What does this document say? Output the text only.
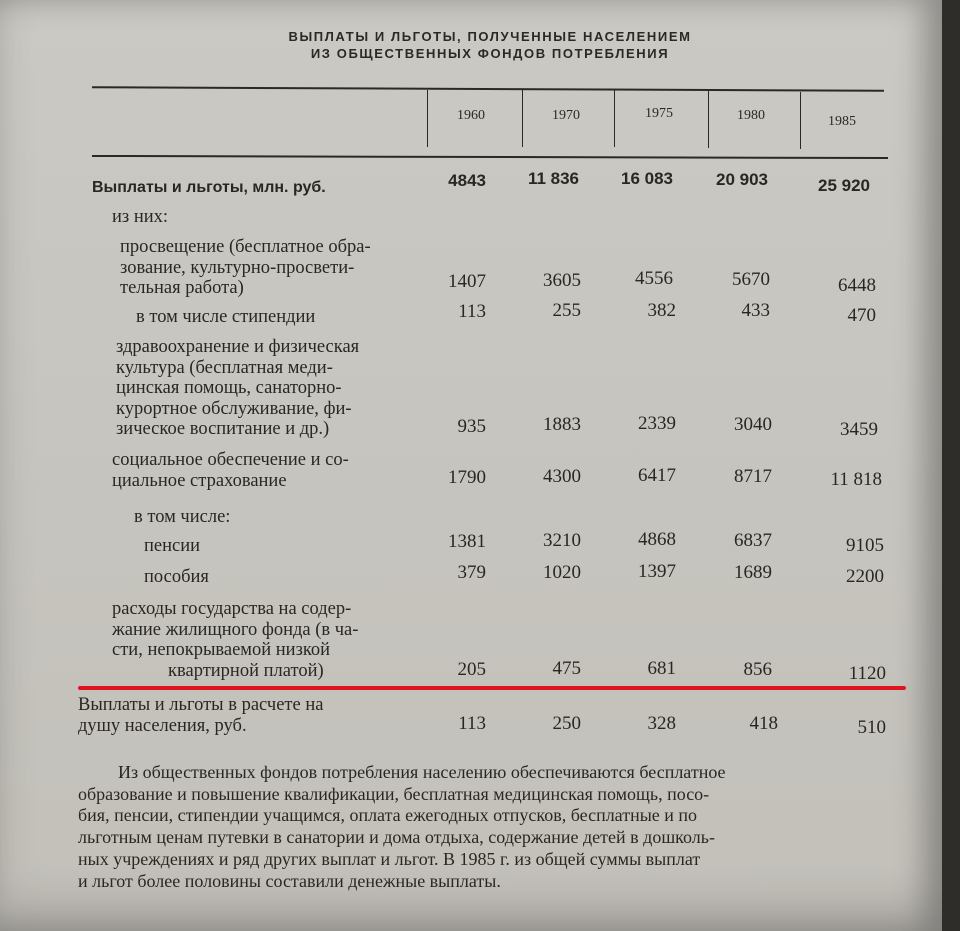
ВЫПЛАТЫ И ЛЬГОТЫ, ПОЛУЧЕННЫЕ НАСЕЛЕНИЕМ
ИЗ ОБЩЕСТВЕННЫХ ФОНДОВ ПОТРЕБЛЕНИЯ
1960	1970	1975	1980	1985
Выплаты и льготы, млн. руб.	4843	11 836	16 083	20 903	25 920
из них:
просвещение (бесплатное обра-
зование, культурно-просвети-
тельная работа)	1407	3605	4556	5670	6448
в том числе стипендии	113	255	382	433	470
здравоохранение и физическая
культура (бесплатная меди-
цинская помощь, санаторно-
курортное обслуживание, фи-
зическое воспитание и др.)	935	1883	2339	3040	3459
социальное обеспечение и со-
циальное страхование	1790	4300	6417	8717	11 818
в том числе:
пенсии	1381	3210	4868	6837	9105
пособия	379	1020	1397	1689	2200
расходы государства на содер-
жание жилищного фонда (в ча-
сти, непокрываемой низкой
квартирной платой)	205	475	681	856	1120
Выплаты и льготы в расчете на
душу населения, руб.	113	250	328	418	510
Из общественных фондов потребления населению обеспечиваются бесплатное
образование и повышение квалификации, бесплатная медицинская помощь, посо-
бия, пенсии, стипендии учащимся, оплата ежегодных отпусков, бесплатные и по
льготным ценам путевки в санатории и дома отдыха, содержание детей в дошколь-
ных учреждениях и ряд других выплат и льгот. В 1985 г. из общей суммы выплат
и льгот более половины составили денежные выплаты.
